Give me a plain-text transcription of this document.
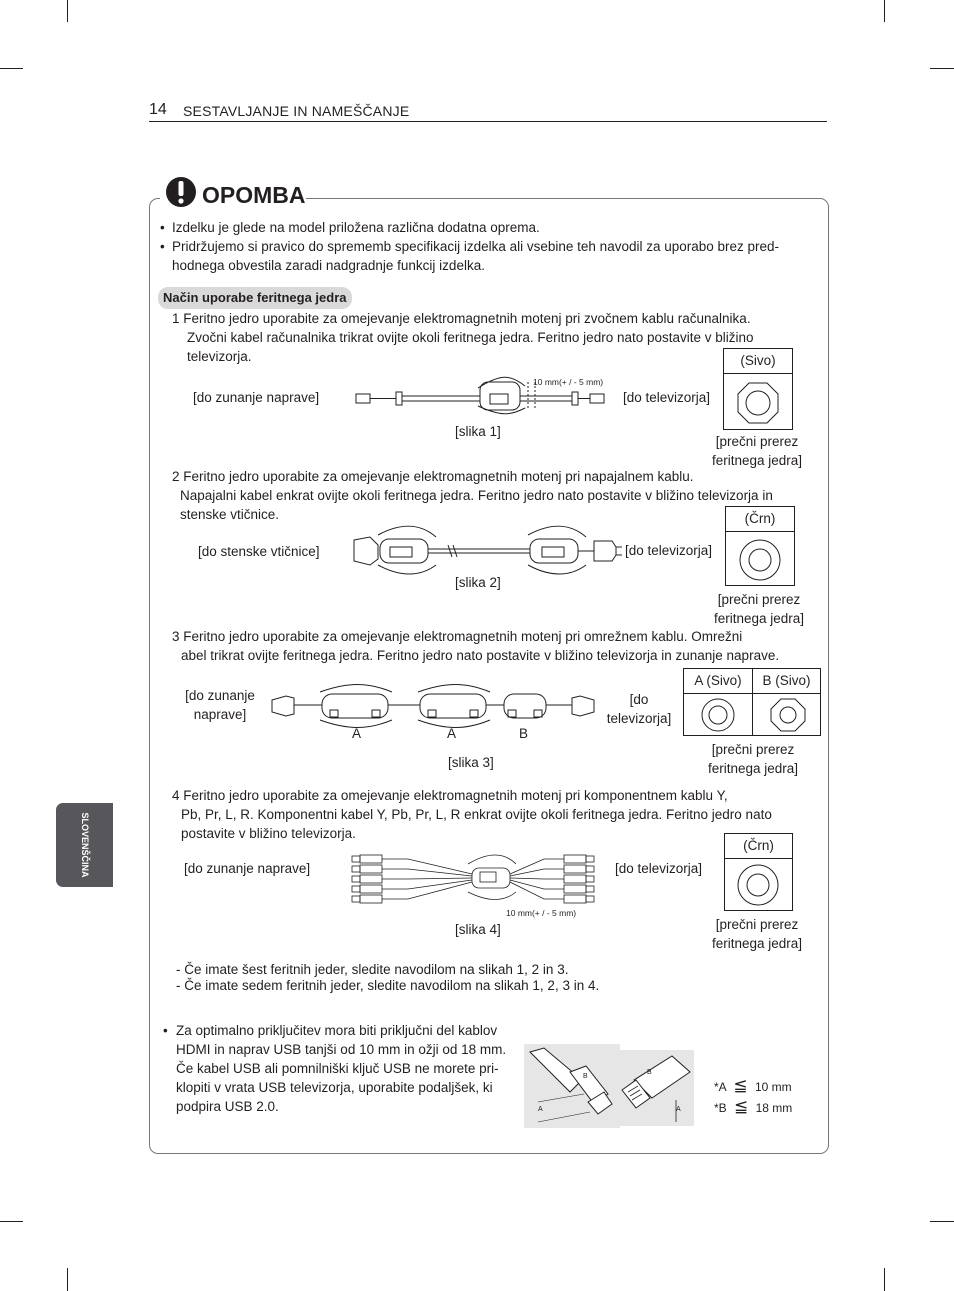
14 SESTAVLJANJE IN NAMEŠČANJE
SLOVENŠČINA
OPOMBA
• Izdelku je glede na model priložena različna dodatna oprema.
• Pridržujemo si pravico do sprememb specifikacij izdelka ali vsebine teh navodil za uporabo brez pred-
hodnega obvestila zaradi nadgradnje funkcij izdelka.
Način uporabe feritnega jedra
1 Feritno jedro uporabite za omejevanje elektromagnetnih motenj pri zvočnem kablu računalnika.
Zvočni kabel računalnika trikrat ovijte okoli feritnega jedra. Feritno jedro nato postavite v bližino
televizorja.
[do zunanje naprave]	[do televizorja]
10 mm(+ / - 5 mm)
[slika 1]
(Sivo)
[prečni prerez
feritnega jedra]
2 Feritno jedro uporabite za omejevanje elektromagnetnih motenj pri napajalnem kablu.
Napajalni kabel enkrat ovijte okoli feritnega jedra. Feritno jedro nato postavite v bližino televizorja in
stenske vtičnice.
[do stenske vtičnice]	[do televizorja]
[slika 2]
(Črn)
[prečni prerez
feritnega jedra]
3 Feritno jedro uporabite za omejevanje elektromagnetnih motenj pri omrežnem kablu. Omrežni
abel trikrat ovijte feritnega jedra. Feritno jedro nato postavite v bližino televizorja in zunanje naprave.
[do zunanje
naprave]
[do
televizorja]
A	A	B
[slika 3]
A (Sivo)	B (Sivo)
[prečni prerez
feritnega jedra]
4 Feritno jedro uporabite za omejevanje elektromagnetnih motenj pri komponentnem kablu Y,
Pb, Pr, L, R. Komponentni kabel Y, Pb, Pr, L, R enkrat ovijte okoli feritnega jedra. Feritno jedro nato
postavite v bližino televizorja.
[do zunanje naprave]	[do televizorja]
10 mm(+ / - 5 mm)
[slika 4]
(Črn)
[prečni prerez
feritnega jedra]
- Če imate šest feritnih jeder, sledite navodilom na slikah 1, 2 in 3.
- Če imate sedem feritnih jeder, sledite navodilom na slikah 1, 2, 3 in 4.
• Za optimalno priključitev mora biti priključni del kablov
HDMI in naprav USB tanjši od 10 mm in ožji od 18 mm.
Če kabel USB ali pomnilniški ključ USB ne morete pri-
klopiti v vrata USB televizorja, uporabite podaljšek, ki
podpira USB 2.0.	A
B
A
B
*A ≦ 10 mm
*B ≦ 18 mm
